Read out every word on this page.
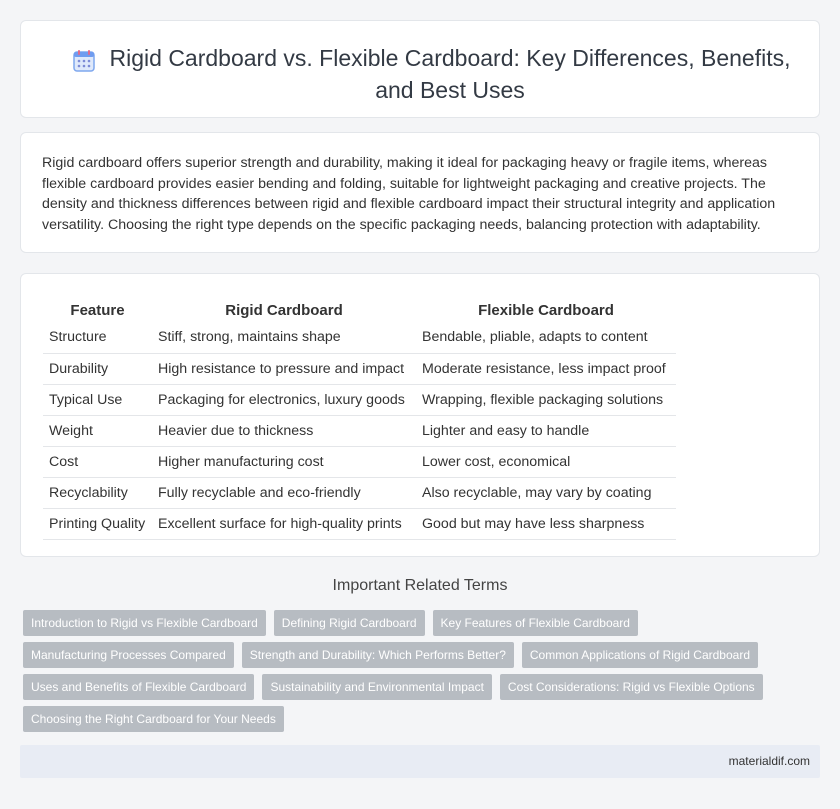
Rigid Cardboard vs. Flexible Cardboard: Key Differences, Benefits, and Best Uses

Rigid cardboard offers superior strength and durability, making it ideal for packaging heavy or fragile items, whereas flexible cardboard provides easier bending and folding, suitable for lightweight packaging and creative projects. The density and thickness differences between rigid and flexible cardboard impact their structural integrity and application versatility. Choosing the right type depends on the specific packaging needs, balancing protection with adaptability.

Feature	Rigid Cardboard	Flexible Cardboard
Structure	Stiff, strong, maintains shape	Bendable, pliable, adapts to content
Durability	High resistance to pressure and impact	Moderate resistance, less impact proof
Typical Use	Packaging for electronics, luxury goods	Wrapping, flexible packaging solutions
Weight	Heavier due to thickness	Lighter and easy to handle
Cost	Higher manufacturing cost	Lower cost, economical
Recyclability	Fully recyclable and eco-friendly	Also recyclable, may vary by coating
Printing Quality	Excellent surface for high-quality prints	Good but may have less sharpness
Important Related Terms
Introduction to Rigid vs Flexible Cardboard	Defining Rigid Cardboard	Key Features of Flexible Cardboard
Manufacturing Processes Compared	Strength and Durability: Which Performs Better?	Common Applications of Rigid Cardboard
Uses and Benefits of Flexible Cardboard	Sustainability and Environmental Impact	Cost Considerations: Rigid vs Flexible Options
Choosing the Right Cardboard for Your Needs
materialdif.com
